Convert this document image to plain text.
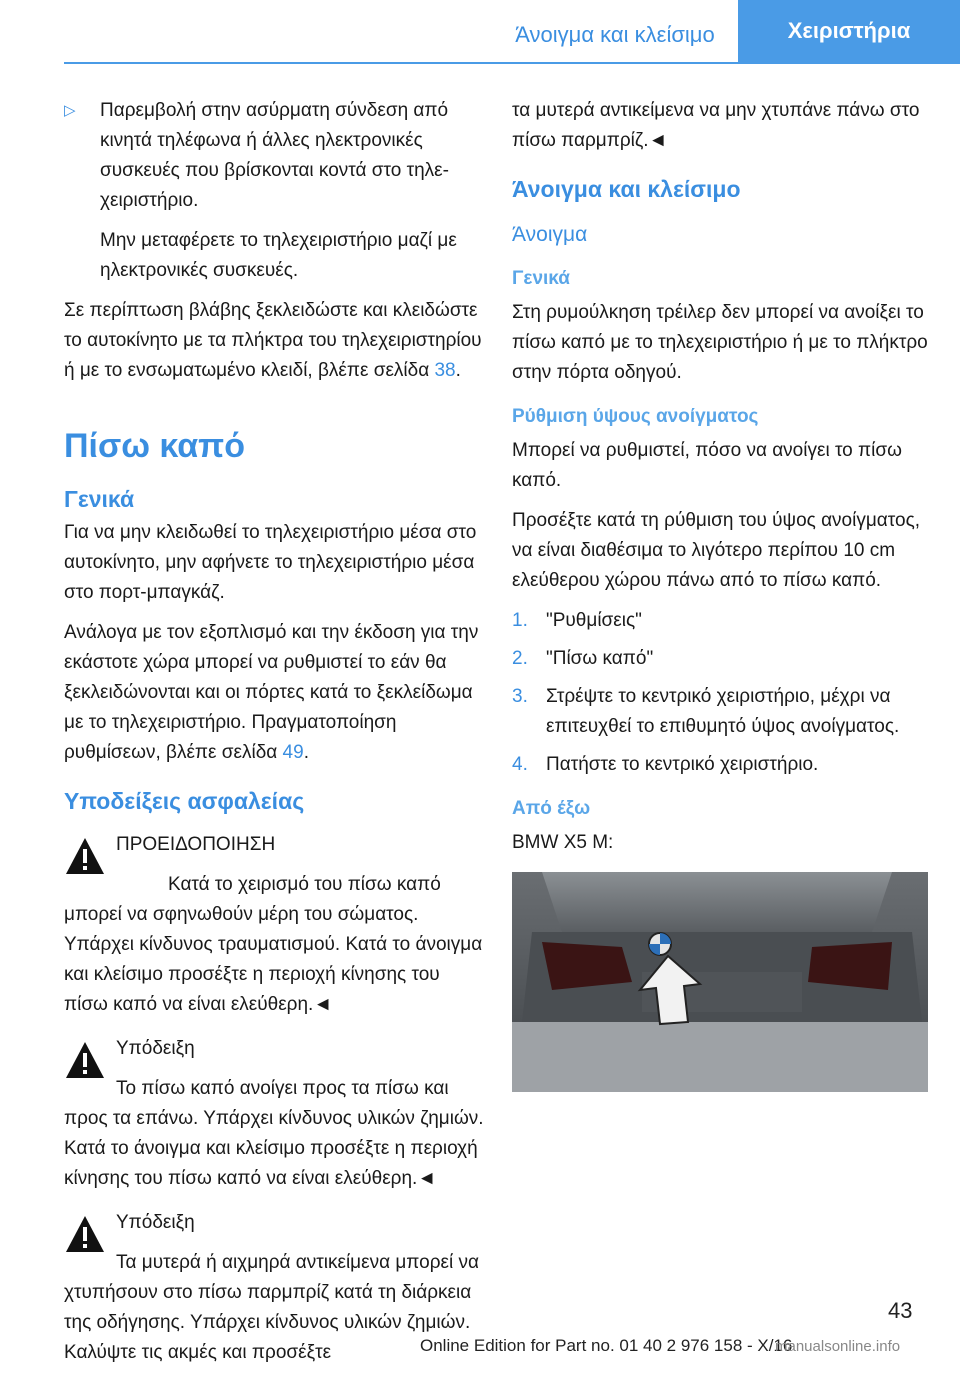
Άνοιγμα και κλείσιμο	Χειριστήρια
▷	Παρεμβολή στην ασύρματη σύνδεση από κινητά τηλέφωνα ή άλλες ηλεκτρονικές συσκευές που βρίσκονται κοντά στο τηλεχειριστήριο.

Μην μεταφέρετε το τηλεχειριστήριο μαζί με ηλεκτρονικές συσκευές.

Σε περίπτωση βλάβης ξεκλειδώστε και κλειδώστε το αυτοκίνητο με τα πλήκτρα του τηλεχειριστηρίου ή με το ενσωματωμένο κλειδί, βλέπε σελίδα 38.

Πίσω καπό
Γενικά

Για να μην κλειδωθεί το τηλεχειριστήριο μέσα στο αυτοκίνητο, μην αφήνετε το τηλεχειριστήριο μέσα στο πορτ-μπαγκάζ.

Ανάλογα με τον εξοπλισμό και την έκδοση για την εκάστοτε χώρα μπορεί να ρυθμιστεί το εάν θα ξεκλειδώνονται και οι πόρτες κατά το ξεκλείδωμα με το τηλεχειριστήριο. Πραγματοποίηση ρυθμίσεων, βλέπε σελίδα 49.

Υποδείξεις ασφαλείας

ΠΡΟΕΙΔΟΠΟΙΗΣΗ

Κατά το χειρισμό του πίσω καπό μπορεί να σφηνωθούν μέρη του σώματος. Υπάρχει κίνδυνος τραυματισμού. Κατά το άνοιγμα και κλείσιμο προσέξτε η περιοχή κίνησης του πίσω καπό να είναι ελεύθερη.◄

Υπόδειξη

Το πίσω καπό ανοίγει προς τα πίσω και προς τα επάνω. Υπάρχει κίνδυνος υλικών ζημιών. Κατά το άνοιγμα και κλείσιμο προσέξτε η περιοχή κίνησης του πίσω καπό να είναι ελεύθερη.◄

Υπόδειξη

Τα μυτερά ή αιχμηρά αντικείμενα μπορεί να χτυπήσουν στο πίσω παρμπρίζ κατά τη διάρκεια της οδήγησης. Υπάρχει κίνδυνος υλικών ζημιών. Καλύψτε τις ακμές και προσέξτε

τα μυτερά αντικείμενα να μην χτυπάνε πάνω στο πίσω παρμπρίζ.◄

Άνοιγμα και κλείσιμο
Άνοιγμα
Γενικά

Στη ρυμούλκηση τρέιλερ δεν μπορεί να ανοίξει το πίσω καπό με το τηλεχειριστήριο ή με το πλήκτρο στην πόρτα οδηγού.

Ρύθμιση ύψους ανοίγματος

Μπορεί να ρυθμιστεί, πόσο να ανοίγει το πίσω καπό.

Προσέξτε κατά τη ρύθμιση του ύψος ανοίγματος, να είναι διαθέσιμα το λιγότερο περίπου 10 cm ελεύθερου χώρου πάνω από το πίσω καπό.

1. "Ρυθμίσεις"
2. "Πίσω καπό"
3. Στρέψτε το κεντρικό χειριστήριο, μέχρι να επιτευχθεί το επιθυμητό ύψος ανοίγματος.
4. Πατήστε το κεντρικό χειριστήριο.
Από έξω

BMW X5 M:

43
Online Edition for Part no. 01 40 2 976 158 - X/16
manualsonline.info
